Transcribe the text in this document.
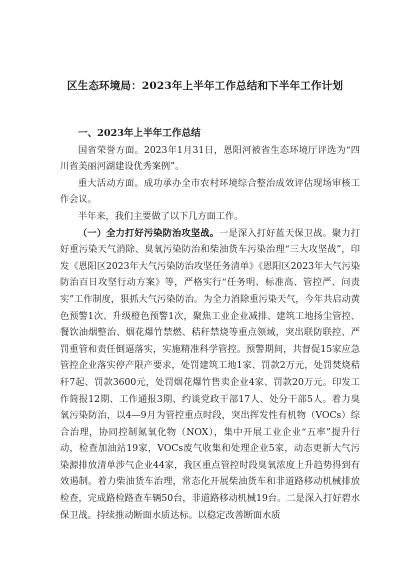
区生态环境局：2023年上半年工作总结和下半年工作计划

一、2023年上半年工作总结

国省荣誉方面。2023年1月31日，恩阳河被省生态环境厅评选为“四川省美丽河湖建设优秀案例”。

重大活动方面。成功承办全市农村环境综合整治成效评估现场审核工作会议。

半年来，我们主要做了以下几方面工作。

（一）全力打好污染防治攻坚战。一是深入打好蓝天保卫战。聚力打好重污染天气消除、臭氧污染防治和柴油货车污染治理“三大攻坚战”，印发《恩阳区2023年大气污染防治攻坚任务清单》《恩阳区2023年大气污染防治百日攻坚行动方案》等，严格实行“任务明、标准高、管控严、问责实”工作制度，狠抓大气污染防治。为全力消除重污染天气，今年共启动黄色预警1次、升级橙色预警1次，聚焦工业企业减排、建筑工地扬尘管控、餐饮油烟整治、烟花爆竹禁燃、秸秆禁烧等重点领域，突出联防联控、严罚重管和责任倒逼落实，实施精准科学管控。预警期间，共督促15家应急管控企业落实停产限产要求，处罚建筑工地1家、罚款2万元，处罚焚烧秸秆7起、罚款3600元，处罚烟花爆竹售卖企业4家、罚款20万元。印发工作简报12期、工作通报3期、约谈党政干部17人、处分干部5人。着力臭氧污染防治，以4—9月为管控重点时段，突出挥发性有机物（VOCs）综合治理，协同控制氮氧化物（NOX），集中开展工业企业“五率”提升行动，检查加油站19家，VOCs废气收集和处理企业5家，动态更新大气污染源排放清单涉气企业44家，我区重点管控时段臭氧浓度上升趋势得到有效遏制。着力柴油货车治理，常态化开展柴油货车和非道路移动机械排放检查，完成路检路查车辆50台，非道路移动机械19台。二是深入打好碧水保卫战。持续推动断面水质达标。以稳定改善断面水质
